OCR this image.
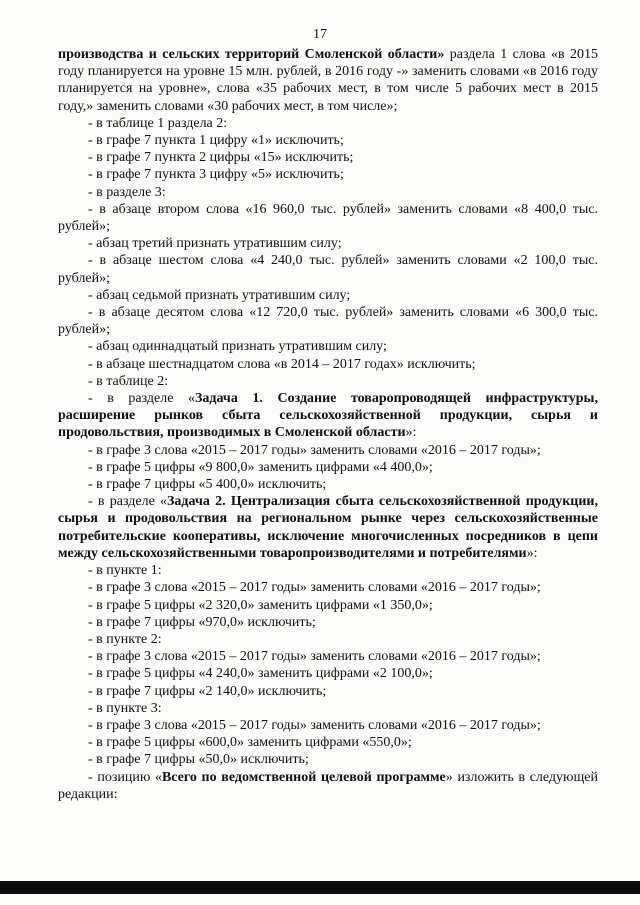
17

производства и сельских территорий Смоленской области» раздела 1 слова «в 2015 году планируется на уровне 15 млн. рублей, в 2016 году -» заменить словами «в 2016 году планируется на уровне», слова «35 рабочих мест, в том числе 5 рабочих мест в 2015 году,» заменить словами «30 рабочих мест, в том числе»;

- в таблице 1 раздела 2:

- в графе 7 пункта 1 цифру «1» исключить;

- в графе 7 пункта 2 цифры «15» исключить;

- в графе 7 пункта 3 цифру «5» исключить;

- в разделе 3:

- в абзаце втором слова «16 960,0 тыс. рублей» заменить словами «8 400,0 тыс. рублей»;

- абзац третий признать утратившим силу;

- в абзаце шестом слова «4 240,0 тыс. рублей» заменить словами «2 100,0 тыс. рублей»;

- абзац седьмой признать утратившим силу;

- в абзаце десятом слова «12 720,0 тыс. рублей» заменить словами «6 300,0 тыс. рублей»;

- абзац одиннадцатый признать утратившим силу;

- в абзаце шестнадцатом слова «в 2014 – 2017 годах» исключить;

- в таблице 2:

- в разделе «Задача 1. Создание товаропроводящей инфраструктуры, расширение рынков сбыта сельскохозяйственной продукции, сырья и продовольствия, производимых в Смоленской области»:

- в графе 3 слова «2015 – 2017 годы» заменить словами «2016 – 2017 годы»;

- в графе 5 цифры «9 800,0» заменить цифрами «4 400,0»;

- в графе 7 цифры «5 400,0» исключить;

- в разделе «Задача 2. Централизация сбыта сельскохозяйственной продукции, сырья и продовольствия на региональном рынке через сельскохозяйственные потребительские кооперативы, исключение многочисленных посредников в цепи между сельскохозяйственными товаропроизводителями и потребителями»:

- в пункте 1:

- в графе 3 слова «2015 – 2017 годы» заменить словами «2016 – 2017 годы»;

- в графе 5 цифры «2 320,0» заменить цифрами «1 350,0»;

- в графе 7 цифры «970,0» исключить;

- в пункте 2:

- в графе 3 слова «2015 – 2017 годы» заменить словами «2016 – 2017 годы»;

- в графе 5 цифры «4 240,0» заменить цифрами «2 100,0»;

- в графе 7 цифры «2 140,0» исключить;

- в пункте 3:

- в графе 3 слова «2015 – 2017 годы» заменить словами «2016 – 2017 годы»;

- в графе 5 цифры «600,0» заменить цифрами «550,0»;

- в графе 7 цифры «50,0» исключить;

- позицию «Всего по ведомственной целевой программе» изложить в следующей редакции:
